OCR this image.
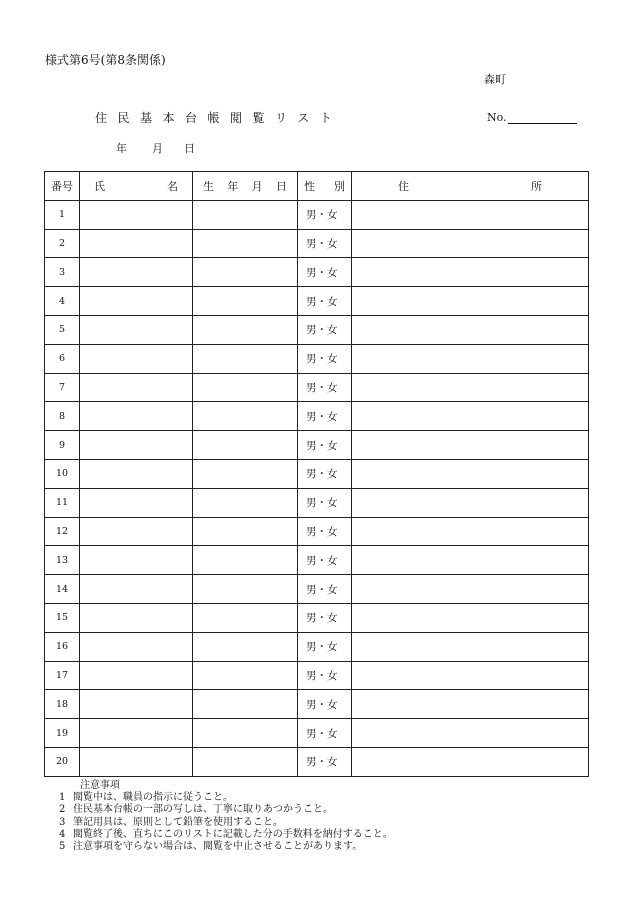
様式第6号(第8条関係)
森町
住民基本台帳閲覧リスト	No.
年 月 日
番号	氏 名	生 年 月 日	性 別	住 所

1			男・女	
2			男・女	
3			男・女	
4			男・女	
5			男・女	
6			男・女	
7			男・女	
8			男・女	
9			男・女	
10			男・女	
11			男・女	
12			男・女	
13			男・女	
14			男・女	
15			男・女	
16			男・女	
17			男・女	
18			男・女	
19			男・女	
20			男・女	
注意事項
1 閲覧中は、職員の指示に従うこと。
2 住民基本台帳の一部の写しは、丁寧に取りあつかうこと。
3 筆記用具は、原則として鉛筆を使用すること。
4 閲覧終了後、直ちにこのリストに記載した分の手数料を納付すること。
5 注意事項を守らない場合は、閲覧を中止させることがあります。
